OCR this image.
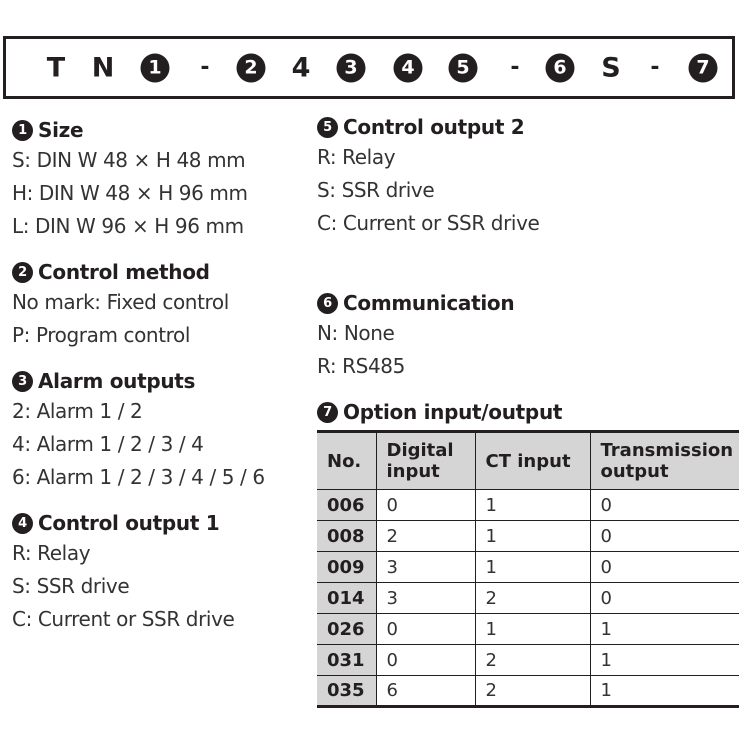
T N	1	-	2 4	3	4	5	-	6 S -	7
1 Size
S: DIN W 48 × H 48 mm
H: DIN W 48 × H 96 mm
L: DIN W 96 × H 96 mm
2 Control method
No mark: Fixed control
P: Program control
3 Alarm outputs
2: Alarm 1 / 2
4: Alarm 1 / 2 / 3 / 4
6: Alarm 1 / 2 / 3 / 4 / 5 / 6
4 Control output 1
R: Relay
S: SSR drive
C: Current or SSR drive
5 Control output 2
R: Relay
S: SSR drive
C: Current or SSR drive
6 Communication
N: None
R: RS485
7 Option input/output
No.	Digital input	CT input	Transmission output
006	0	1	0
008	2	1	0
009	3	1	0
014	3	2	0
026	0	1	1
031	0	2	1
035	6	2	1
